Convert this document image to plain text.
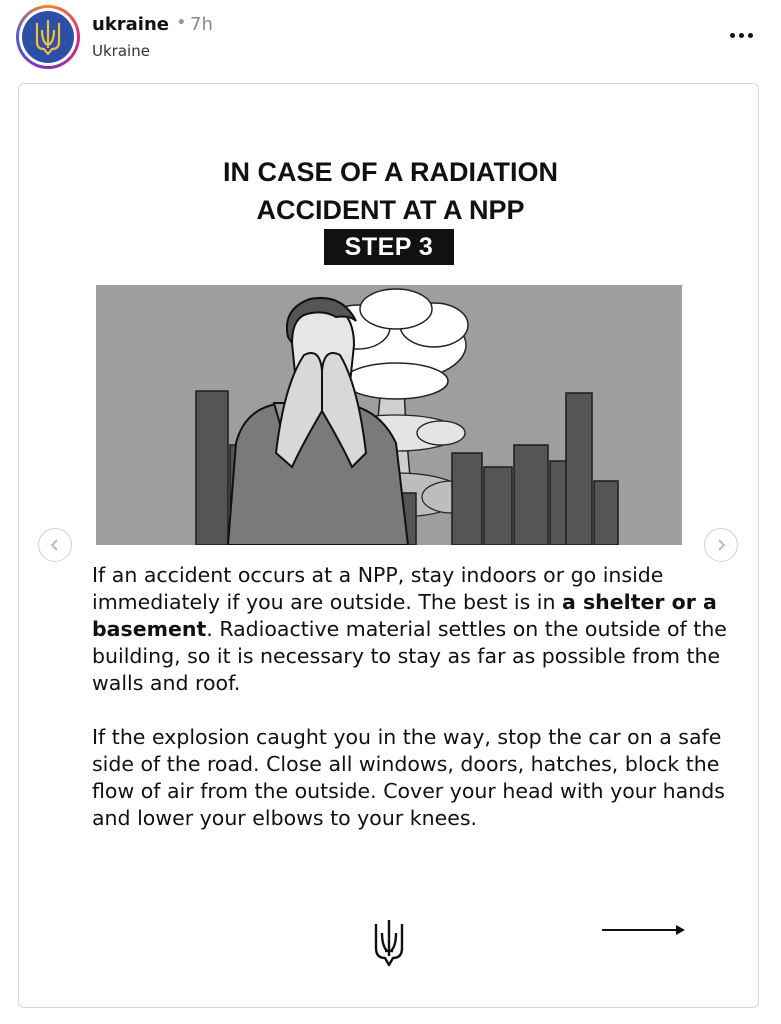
ukraine • 7h
Ukraine
IN CASE OF A RADIATION
ACCIDENT AT A NPP
STEP 3

If an accident occurs at a NPP, stay indoors or go inside immediately if you are outside. The best is in a shelter or a basement. Radioactive material settles on the outside of the building, so it is necessary to stay as far as possible from the walls and roof.

If the explosion caught you in the way, stop the car on a safe side of the road. Close all windows, doors, hatches, block the flow of air from the outside. Cover your head with your hands and lower your elbows to your knees.
